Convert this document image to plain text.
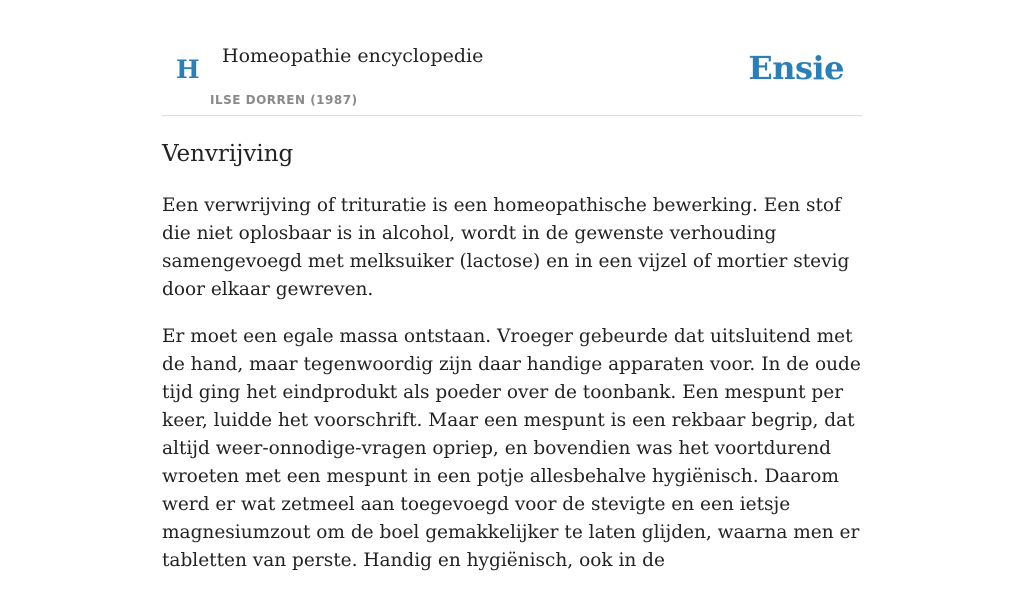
H Homeopathie encyclopedie
ILSE DORREN (1987)
Ensie
Venvrijving

Een verwrijving of trituratie is een homeopathische bewerking. Een stof die niet oplosbaar is in alcohol, wordt in de gewenste verhouding samengevoegd met melksuiker (lactose) en in een vijzel of mortier stevig door elkaar gewreven.

Er moet een egale massa ontstaan. Vroeger gebeurde dat uitsluitend met de hand, maar tegenwoordig zijn daar handige apparaten voor. In de oude tijd ging het eindprodukt als poeder over de toonbank. Een mespunt per keer, luidde het voorschrift. Maar een mespunt is een rekbaar begrip, dat altijd weer-onnodige-vragen opriep, en bovendien was het voortdurend wroeten met een mespunt in een potje allesbehalve hygiënisch. Daarom werd er wat zetmeel aan toegevoegd voor de stevigte en een ietsje magnesiumzout om de boel gemakkelijker te laten glijden, waarna men er tabletten van perste. Handig en hygiënisch, ook in de
